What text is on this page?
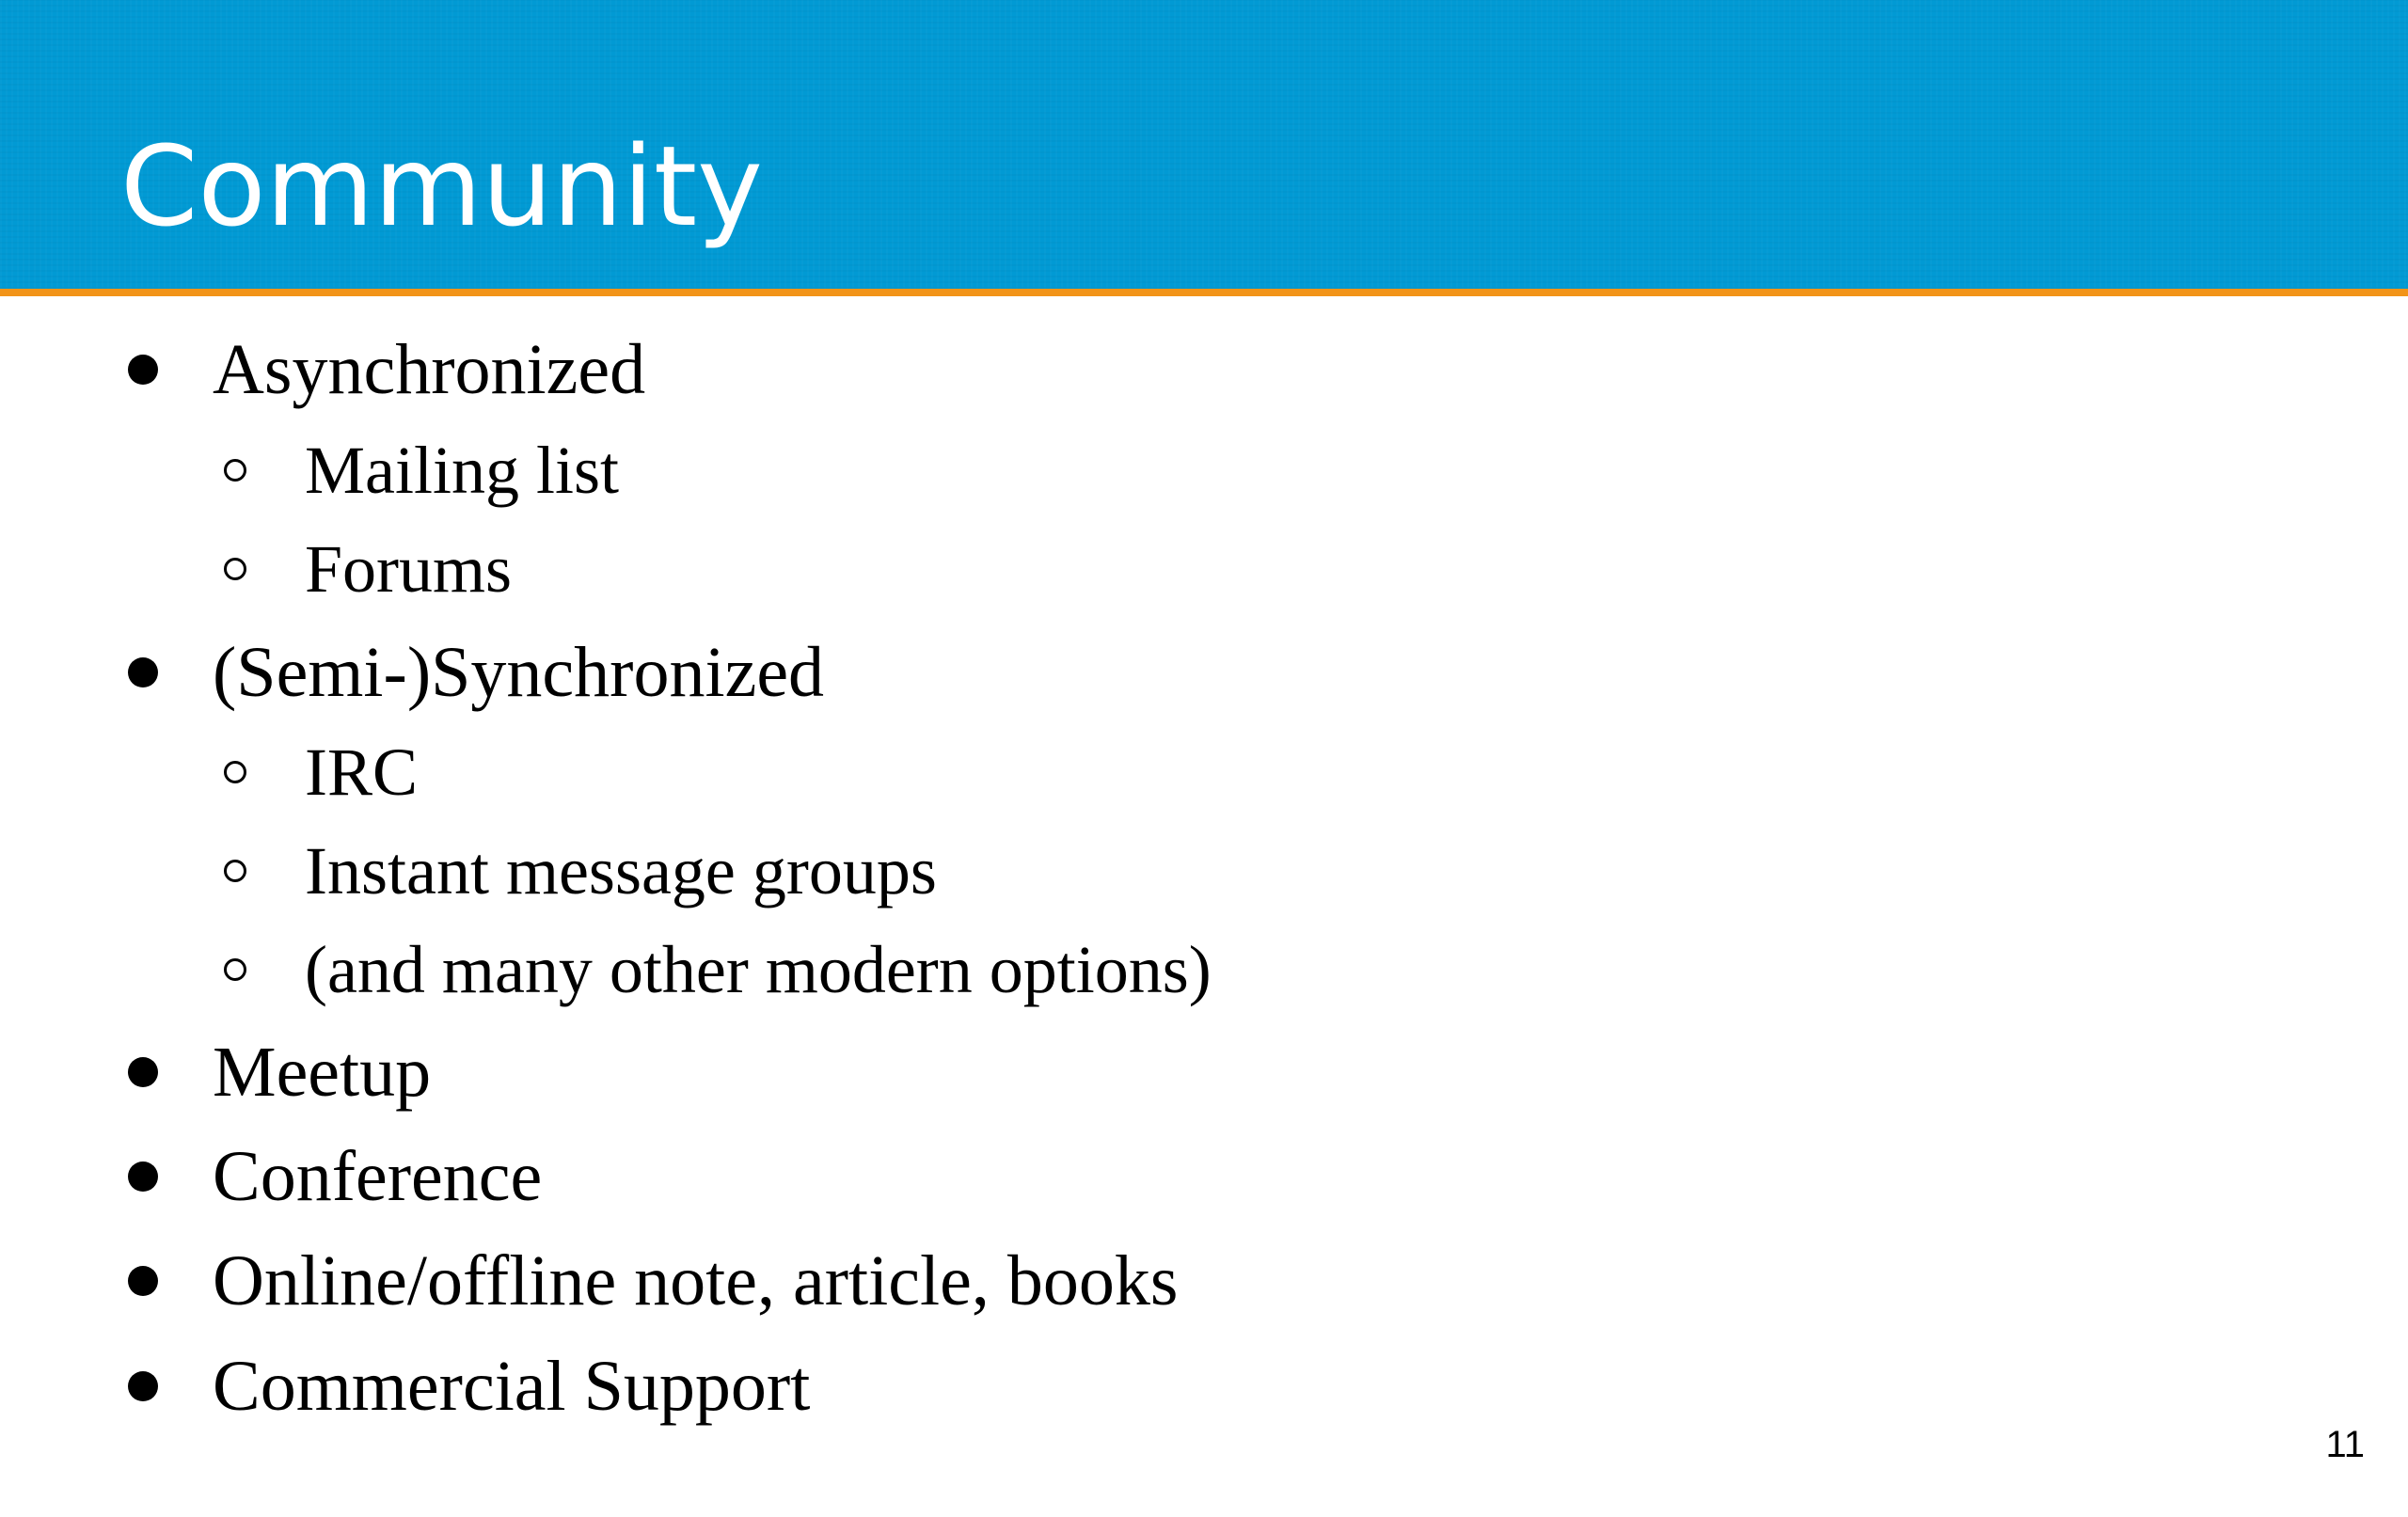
Community
Asynchronized
Mailing list
Forums
(Semi-)Synchronized
IRC
Instant message groups
(and many other modern options)
Meetup
Conference
Online/offline note, article, books
Commercial Support
11
